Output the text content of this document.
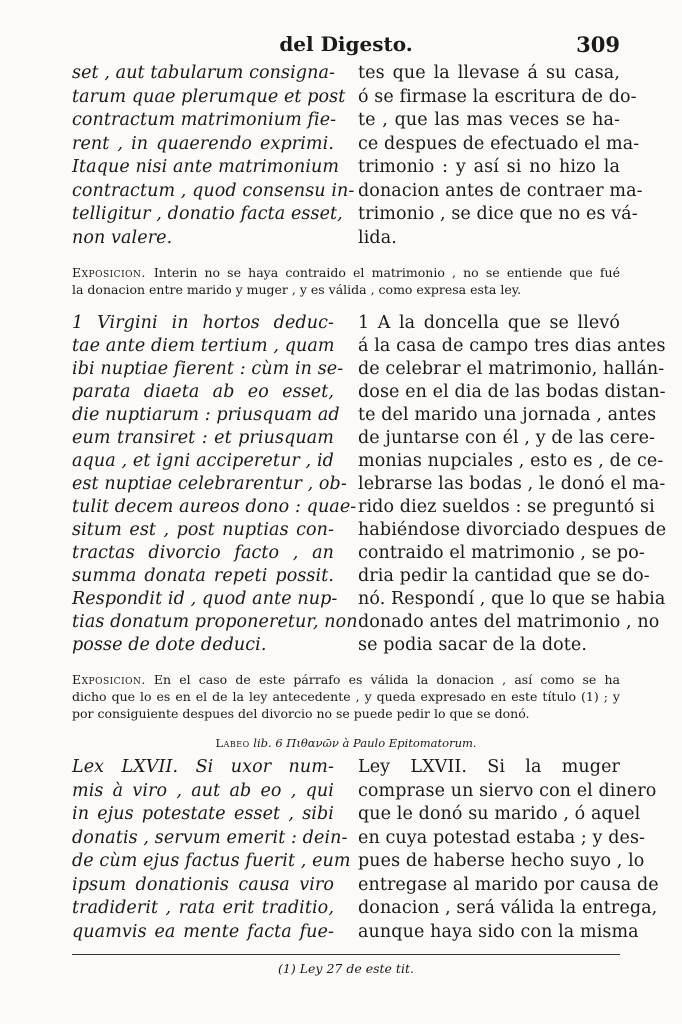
del Digesto.	309
set , aut tabularum consigna-
tarum quae plerumque et post
contractum matrimonium fie-
rent , in quaerendo exprimi.
Itaque nisi ante matrimonium
contractum , quod consensu in-
telligitur , donatio facta esset,
non valere.
tes que la llevase á su casa,
ó se firmase la escritura de do-
te , que las mas veces se ha-
ce despues de efectuado el ma-
trimonio : y así si no hizo la
donacion antes de contraer ma-
trimonio , se dice que no es vá-
lida.
Exposicion. Interin no se haya contraido el matrimonio , no se entiende que fué
la donacion entre marido y muger , y es válida , como expresa esta ley.
1 Virgini in hortos deduc-
tae ante diem tertium , quam
ibi nuptiae fierent : cùm in se-
parata diaeta ab eo esset,
die nuptiarum : priusquam ad
eum transiret : et priusquam
aqua , et igni acciperetur , id
est nuptiae celebrarentur , ob-
tulit decem aureos dono : quae-
situm est , post nuptias con-
tractas divorcio facto , an
summa donata repeti possit.
Respondit id , quod ante nup-
tias donatum proponeretur, non
posse de dote deduci.
1 A la doncella que se llevó
á la casa de campo tres dias antes
de celebrar el matrimonio, hallán-
dose en el dia de las bodas distan-
te del marido una jornada , antes
de juntarse con él , y de las cere-
monias nupciales , esto es , de ce-
lebrarse las bodas , le donó el ma-
rido diez sueldos : se preguntó si
habiéndose divorciado despues de
contraido el matrimonio , se po-
dria pedir la cantidad que se do-
nó. Respondí , que lo que se habia
donado antes del matrimonio , no
se podia sacar de la dote.
Exposicion. En el caso de este párrafo es válida la donacion , así como se ha
dicho que lo es en el de la ley antecedente , y queda expresado en este título (1) ; y
por consiguiente despues del divorcio no se puede pedir lo que se donó.
Labeo lib. 6 Πιθανῶν à Paulo Epitomatorum.
Lex LXVII. Si uxor num-
mis à viro , aut ab eo , qui
in ejus potestate esset , sibi
donatis , servum emerit : dein-
de cùm ejus factus fuerit , eum
ipsum donationis causa viro
tradiderit , rata erit traditio,
quamvis ea mente facta fue-
Ley LXVII. Si la muger
comprase un siervo con el dinero
que le donó su marido , ó aquel
en cuya potestad estaba ; y des-
pues de haberse hecho suyo , lo
entregase al marido por causa de
donacion , será válida la entrega,
aunque haya sido con la misma
(1) Ley 27 de este tit.
